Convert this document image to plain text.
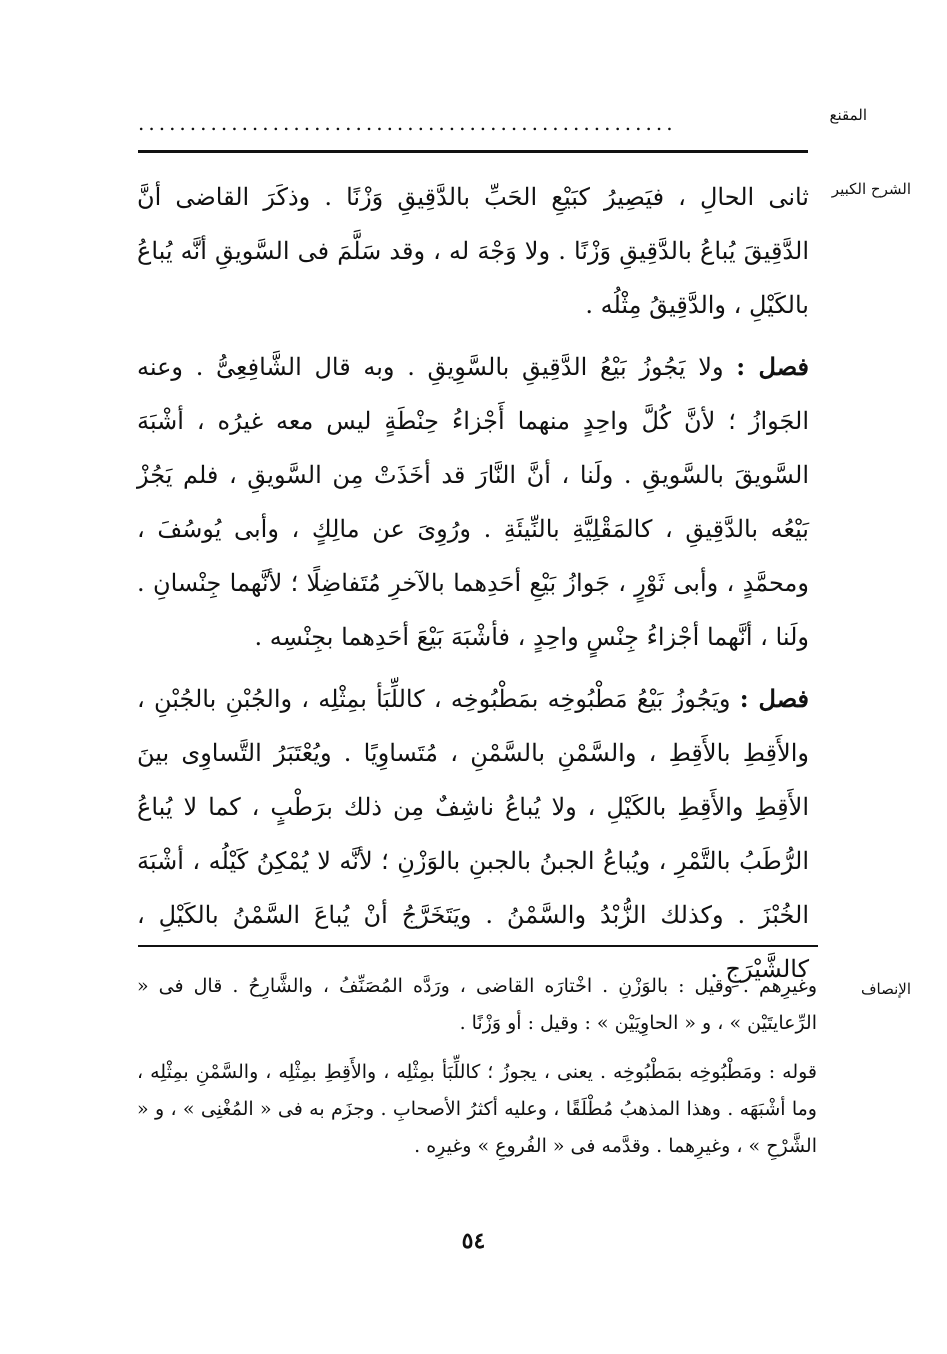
المقنع
....................................................
الشرح الكبير

ثانى الحالِ ، فيَصِيرُ كبَيْعِ الحَبِّ بالدَّقِيقِ وَزْنًا . وذكَرَ القاضى أنَّ الدَّقِيقَ يُباعُ بالدَّقِيقِ وَزْنًا . ولا وَجْهَ له ، وقد سَلَّمَ فى السَّويقِ أنَّه يُباعُ بالكَيْلِ ، والدَّقِيقُ مِثْلُه .

فصل : ولا يَجُوزُ بَيْعُ الدَّقِيقِ بالسَّوِيقِ . وبه قال الشَّافِعِىُّ . وعنه الجَوازُ ؛ لأنَّ كُلَّ واحِدٍ منهما أَجْزاءُ حِنْطَةٍ ليس معه غيرُه ، أشْبَهَ السَّويقَ بالسَّويقِ . ولَنا ، أنَّ النَّارَ قد أخَذَتْ مِن السَّويقِ ، فلم يَجُزْ بَيْعُه بالدَّقِيقِ ، كالمَقْلِيَّةِ بالنِّيئَةِ . ورُوِىَ عن مالِكٍ ، وأبى يُوسُفَ ، ومحمَّدٍ ، وأبى ثَوْرٍ ، جَوازُ بَيْعِ أحَدِهما بالآخرِ مُتَفاضِلًا ؛ لأنَّهما جِنْسانِ . ولَنا ، أنَّهما أجْزاءُ جِنْسٍ واحِدٍ ، فأشْبَهَ بَيْعَ أحَدِهما بجِنْسِه .

فصل : ويَجُوزُ بَيْعُ مَطْبُوخِه بمَطْبُوخِه ، كاللِّبَأ بمِثْلِه ، والجُبْنِ بالجُبْنِ ، والأَقِطِ بالأَقِطِ ، والسَّمْنِ بالسَّمْنِ ، مُتَساوِيًا . ويُعْتَبَرُ التَّساوِى بينَ الأَقِطِ والأَقِطِ بالكَيْلِ ، ولا يُباعُ ناشِفٌ مِن ذلك برَطْبٍ ، كما لا يُباعُ الرُّطَبُ بالتَّمْرِ ، ويُباعُ الجبنُ بالجبنِ بالوَزْنِ ؛ لأنَّه لا يُمْكِنُ كَيْلُه ، أشْبَهَ الخُبْزَ . وكذلك الزُّبْدُ والسَّمْنُ . ويَتَخَرَّجُ أنْ يُباعَ السَّمْنُ بالكَيْلِ ، كالشَّيْرَجِ .

الإنصاف

وغيرِهم . وقيل : بالوَزْنِ . اخْتارَه القاضى ، ورَدَّه المُصَنِّفُ ، والشَّارِحُ . قال فى « الرِّعايتَيْن » ، و « الحاوِيَيْن » : وقيل : أو وَزْنًا .

قوله : ومَطْبُوخِه بمَطْبُوخِه . يعنى ، يجوزُ ؛ كاللِّبَأ بمِثْلِه ، والأَقِطِ بمِثْلِه ، والسَّمْنِ بمِثْلِه ، وما أشْبَهَه . وهذا المذهبُ مُطْلَقًا ، وعليه أكثرُ الأصحابِ . وجزَم به فى « المُغْنِى » ، و « الشَّرْحِ » ، وغيرِهما . وقدَّمه فى « الفُروعِ » وغيرِه .

٥٤
